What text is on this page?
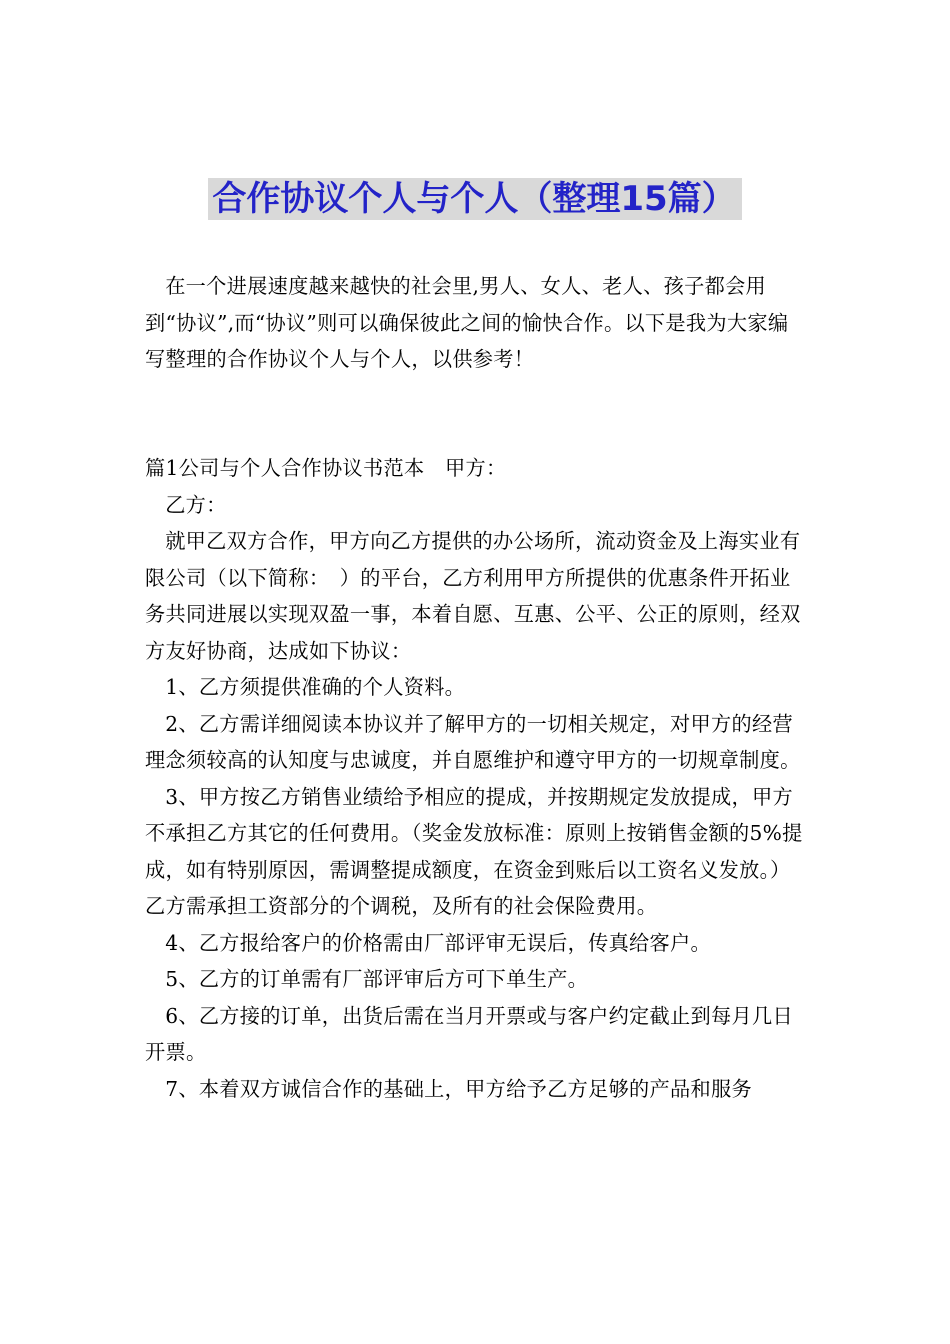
合作协议个人与个人（整理15篇）

在一个进展速度越来越快的社会里,男人、女人、老人、孩子都会用到“协议”,而“协议”则可以确保彼此之间的愉快合作。以下是我为大家编写整理的合作协议个人与个人，以供参考！

篇1公司与个人合作协议书范本　甲方：

乙方：

就甲乙双方合作，甲方向乙方提供的办公场所，流动资金及上海实业有限公司（以下简称：　）的平台，乙方利用甲方所提供的优惠条件开拓业务共同进展以实现双盈一事，本着自愿、互惠、公平、公正的原则，经双方友好协商，达成如下协议：

1、乙方须提供准确的个人资料。

2、乙方需详细阅读本协议并了解甲方的一切相关规定，对甲方的经营理念须较高的认知度与忠诚度，并自愿维护和遵守甲方的一切规章制度。

3、甲方按乙方销售业绩给予相应的提成，并按期规定发放提成，甲方不承担乙方其它的任何费用。（奖金发放标准：原则上按销售金额的5%提成，如有特别原因，需调整提成额度，在资金到账后以工资名义发放。）乙方需承担工资部分的个调税，及所有的社会保险费用。

4、乙方报给客户的价格需由厂部评审无误后，传真给客户。

5、乙方的订单需有厂部评审后方可下单生产。

6、乙方接的订单，出货后需在当月开票或与客户约定截止到每月几日开票。

7、本着双方诚信合作的基础上，甲方给予乙方足够的产品和服务
